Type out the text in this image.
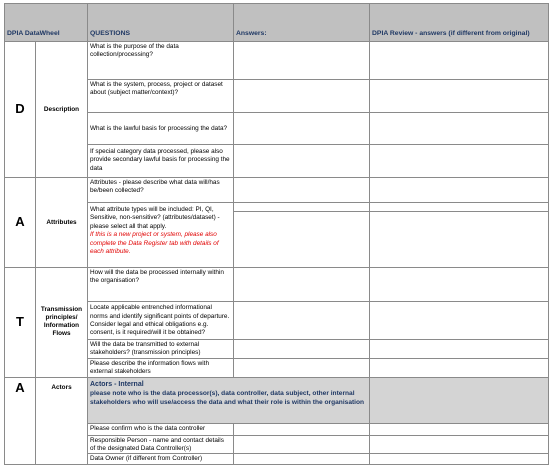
DPIA DataWheel		QUESTIONS	Answers:	DPIA Review - answers (if different from original)
D	Description	What is the purpose of the data collection/processing?		
		What is the system, process, project or dataset about (subject matter/context)?		
		What is the lawful basis for processing the data?		
		If special category data processed, please also provide secondary lawful basis for processing the data		
A	Attributes	Attributes - please describe what data will/has be/been collected?		
		What attribute types will be included: PI, QI, Sensitive, non-sensitive? (attributes/dataset) - please select all that apply.
If this is a new project or system, please also complete the Data Register tab with details of each attribute.		

T	Transmission principles/ Information Flows	How will the data be processed internally within the organisation?		
		Locate applicable entrenched informational norms and identify significant points of departure. Consider legal and ethical obligations e.g. consent, is it required/will it be obtained?		
		Will the data be transmitted to external stakeholders? (transmission principles)		
		Please describe the information flows with external stakeholders		
A	Actors	Actors - Internal
please note who is the data processor(s), data controller, data subject, other internal stakeholders who will use/access the data and what their role is within the organisation		

		Please confirm who is the data controller		
		Responsible Person - name and contact details of the designated Data Controller(s)		
		Data Owner (if different from Controller)		
